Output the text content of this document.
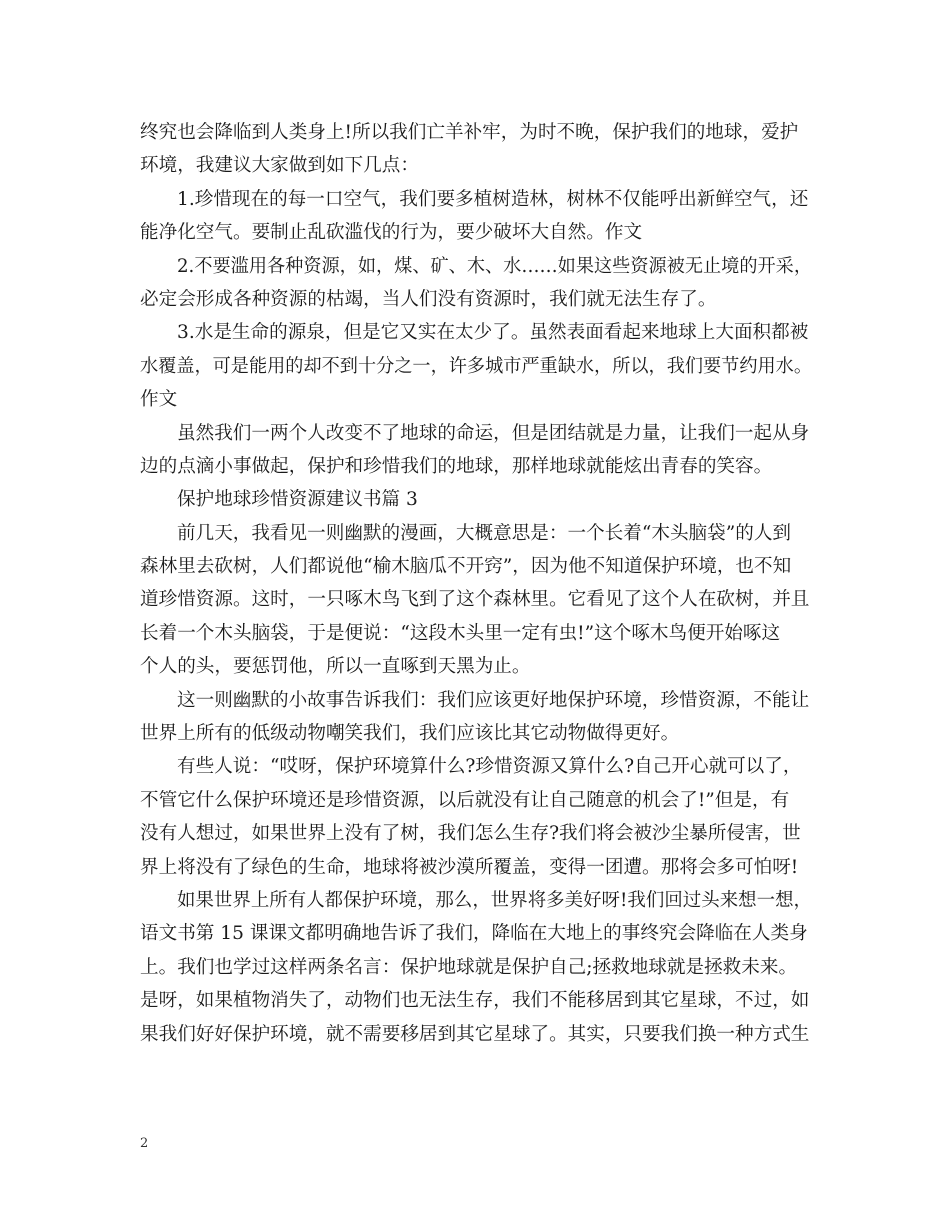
终究也会降临到人类身上!所以我们亡羊补牢，为时不晚，保护我们的地球，爱护
环境，我建议大家做到如下几点：
1.珍惜现在的每一口空气，我们要多植树造林，树林不仅能呼出新鲜空气，还
能净化空气。要制止乱砍滥伐的行为，要少破坏大自然。作文
2.不要滥用各种资源，如，煤、矿、木、水……如果这些资源被无止境的开采，
必定会形成各种资源的枯竭，当人们没有资源时，我们就无法生存了。
3.水是生命的源泉，但是它又实在太少了。虽然表面看起来地球上大面积都被
水覆盖，可是能用的却不到十分之一，许多城市严重缺水，所以，我们要节约用水。
作文
虽然我们一两个人改变不了地球的命运，但是团结就是力量，让我们一起从身
边的点滴小事做起，保护和珍惜我们的地球，那样地球就能炫出青春的笑容。
保护地球珍惜资源建议书篇 3
前几天，我看见一则幽默的漫画，大概意思是：一个长着“木头脑袋”的人到
森林里去砍树，人们都说他“榆木脑瓜不开窍”，因为他不知道保护环境，也不知
道珍惜资源。这时，一只啄木鸟飞到了这个森林里。它看见了这个人在砍树，并且
长着一个木头脑袋，于是便说：“这段木头里一定有虫!”这个啄木鸟便开始啄这
个人的头，要惩罚他，所以一直啄到天黑为止。
这一则幽默的小故事告诉我们：我们应该更好地保护环境，珍惜资源，不能让
世界上所有的低级动物嘲笑我们，我们应该比其它动物做得更好。
有些人说：“哎呀，保护环境算什么?珍惜资源又算什么?自己开心就可以了，
不管它什么保护环境还是珍惜资源，以后就没有让自己随意的机会了!”但是，有
没有人想过，如果世界上没有了树，我们怎么生存?我们将会被沙尘暴所侵害，世
界上将没有了绿色的生命，地球将被沙漠所覆盖，变得一团遭。那将会多可怕呀!
如果世界上所有人都保护环境，那么，世界将多美好呀!我们回过头来想一想，
语文书第 15 课课文都明确地告诉了我们，降临在大地上的事终究会降临在人类身
上。我们也学过这样两条名言：保护地球就是保护自己;拯救地球就是拯救未来。
是呀，如果植物消失了，动物们也无法生存，我们不能移居到其它星球，不过，如
果我们好好保护环境，就不需要移居到其它星球了。其实，只要我们换一种方式生
2
